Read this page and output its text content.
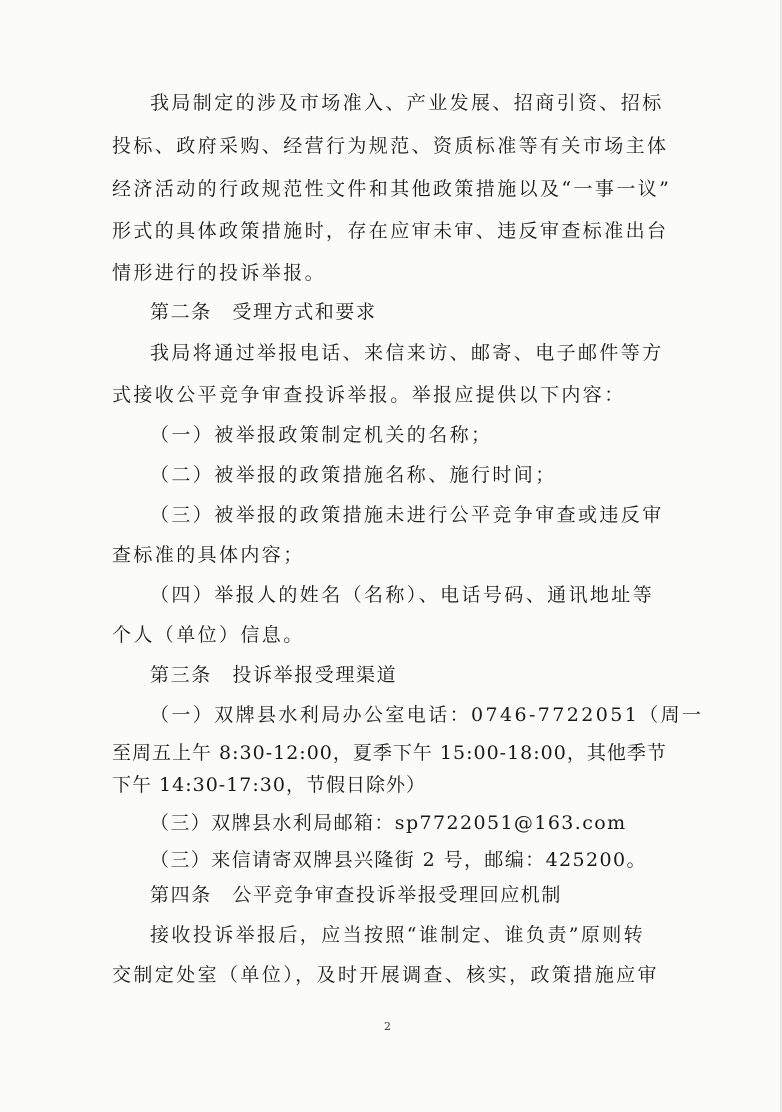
我局制定的涉及市场准入、产业发展、招商引资、招标
投标、政府采购、经营行为规范、资质标准等有关市场主体
经济活动的行政规范性文件和其他政策措施以及“一事一议”
形式的具体政策措施时，存在应审未审、违反审查标准出台
情形进行的投诉举报。
第二条　受理方式和要求
我局将通过举报电话、来信来访、邮寄、电子邮件等方
式接收公平竞争审查投诉举报。举报应提供以下内容：
（一）被举报政策制定机关的名称；
（二）被举报的政策措施名称、施行时间；
（三）被举报的政策措施未进行公平竞争审查或违反审
查标准的具体内容；
（四）举报人的姓名（名称）、电话号码、通讯地址等
个人（单位）信息。
第三条　投诉举报受理渠道
（一）双牌县水利局办公室电话：0746-7722051（周一
至周五上午 8:30-12:00，夏季下午 15:00-18:00，其他季节
下午 14:30-17:30，节假日除外）
（三）双牌县水利局邮箱：sp7722051@163.com
（三）来信请寄双牌县兴隆街 2 号，邮编：425200。
第四条　公平竞争审查投诉举报受理回应机制
接收投诉举报后，应当按照“谁制定、谁负责”原则转
交制定处室（单位），及时开展调查、核实，政策措施应审
2
